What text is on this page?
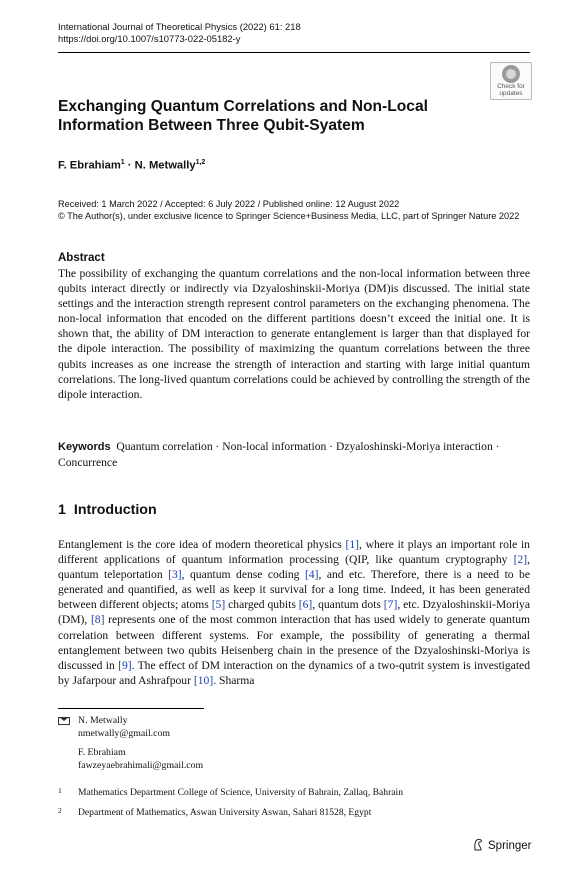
International Journal of Theoretical Physics (2022) 61: 218
https://doi.org/10.1007/s10773-022-05182-y
Check for
updates
Exchanging Quantum Correlations and Non-Local
Information Between Three Qubit-Syatem
F. Ebrahiam$^1$ · N. Metwally$^{1,2}$
Received: 1 March 2022 / Accepted: 6 July 2022 / Published online: 12 August 2022
© The Author(s), under exclusive licence to Springer Science+Business Media, LLC, part of Springer Nature 2022
Abstract
The possibility of exchanging the quantum correlations and the non-local information between three qubits interact directly or indirectly via Dzyaloshinskii-Moriya (DM)is discussed. The initial state settings and the interaction strength represent control parameters on the exchanging phenomena. The non-local information that encoded on the different partitions doesn’t exceed the initial one. It is shown that, the ability of DM interaction to generate entanglement is larger than that displayed for the dipole interaction. The possibility of maximizing the quantum correlations between the three qubits increases as one increase the strength of interaction and starting with large initial quantum correlations. The long-lived quantum correlations could be achieved by controlling the strength of the dipole interaction.
Keywords Quantum correlation · Non-local information · Dzyaloshinski-Moriya interaction · Concurrence
1 Introduction
Entanglement is the core idea of modern theoretical physics [1], where it plays an important role in different applications of quantum information processing (QIP, like quantum cryptography [2], quantum teleportation [3], quantum dense coding [4], and etc. Therefore, there is a need to be generated and quantified, as well as keep it survival for a long time. Indeed, it has been generated between different objects; atoms [5] charged qubits [6], quantum dots [7], etc. Dzyaloshinskii-Moriya (DM), [8] represents one of the most common interaction that has used widely to generate quantum correlation between different systems. For example, the possibility of generating a thermal entanglement between two qubits Heisenberg chain in the presence of the Dzyaloshinski-Moriya is discussed in [9]. The effect of DM interaction on the dynamics of a two-qutrit system is investigated by Jafarpour and Ashrafpour [10]. Sharma
N. Metwally
nmetwally@gmail.com
F. Ebrahiam
fawzeyaebrahimali@gmail.com
1 Mathematics Department College of Science, University of Bahrain, Zallaq, Bahrain
2 Department of Mathematics, Aswan University Aswan, Sahari 81528, Egypt
Springer
